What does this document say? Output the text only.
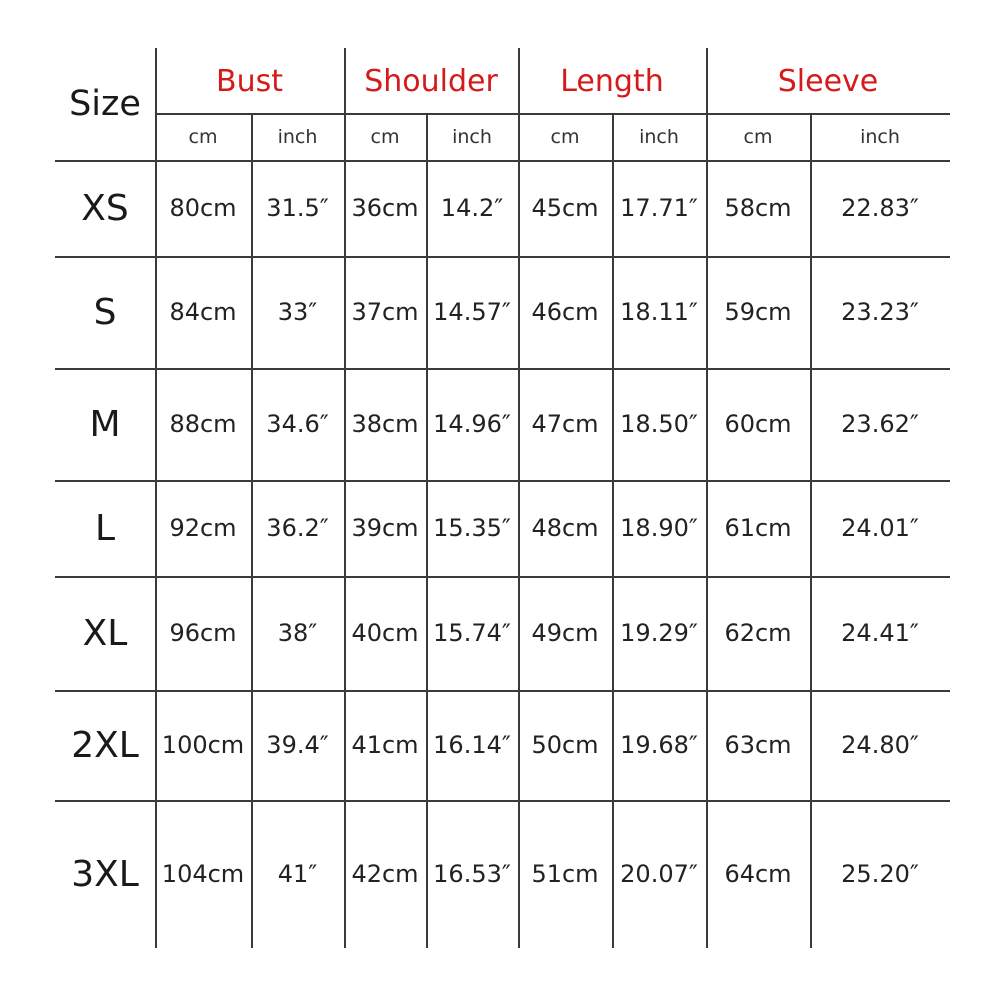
Size
Bust	Shoulder	Length	Sleeve
cm	inch	cm	inch	cm	inch	cm	inch
XS	80cm	31.5″ 36cm 14.2″	45cm 17.71″	58cm	22.83″
S	84cm	33″	37cm 14.57″ 46cm 18.11″	59cm	23.23″
M	88cm	34.6″ 38cm 14.96″ 47cm 18.50″	60cm	23.62″
L	92cm	36.2″ 39cm 15.35″ 48cm 18.90″	61cm	24.01″
XL	96cm	38″	40cm 15.74″ 49cm 19.29″	62cm	24.41″
2XL 100cm 39.4″ 41cm 16.14″ 50cm 19.68″	63cm	24.80″
3XL 104cm	41″	42cm 16.53″ 51cm 20.07″	64cm	25.20″
